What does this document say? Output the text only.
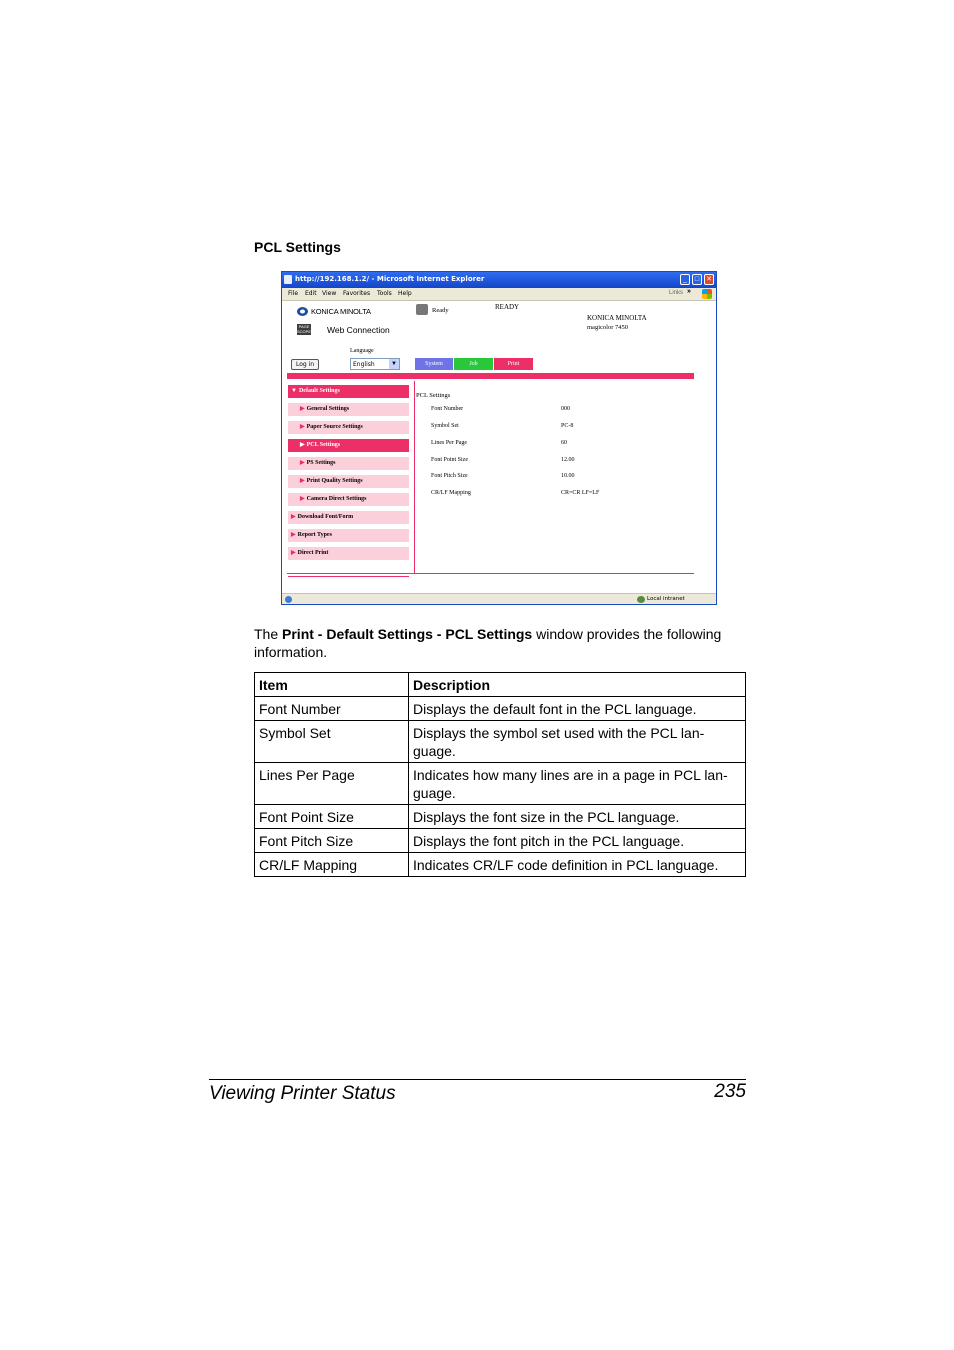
PCL Settings
http://192.168.1.2/ - Microsoft Internet Explorer	_	□ ✕
File Edit View Favorites Tools Help	Links »
KONICA MINOLTA
PAGE SCOPE Web Connection
Ready	READY
KONICA MINOLTA
magicolor 7450
Language
Log in	English	▼	System	Job	Print
▼ Default Settings
▶ General Settings
▶ Paper Source Settings
▶ PCL Settings
▶ PS Settings
▶ Print Quality Settings
▶ Camera Direct Settings
▶ Download Font/Form
▶ Report Types
▶ Direct Print
PCL Settings
Font Number	000
Symbol Set	PC-8
Lines Per Page	60
Font Point Size	12.00
Font Pitch Size	10.00
CR/LF Mapping	CR=CR LF=LF
Local intranet

The Print - Default Settings - PCL Settings window provides the following information.

Item	Description
Font Number	Displays the default font in the PCL language.
Symbol Set	Displays the symbol set used with the PCL lan-guage.
Lines Per Page	Indicates how many lines are in a page in PCL lan-guage.
Font Point Size	Displays the font size in the PCL language.
Font Pitch Size	Displays the font pitch in the PCL language.
CR/LF Mapping	Indicates CR/LF code definition in PCL language.
Viewing Printer Status	235
